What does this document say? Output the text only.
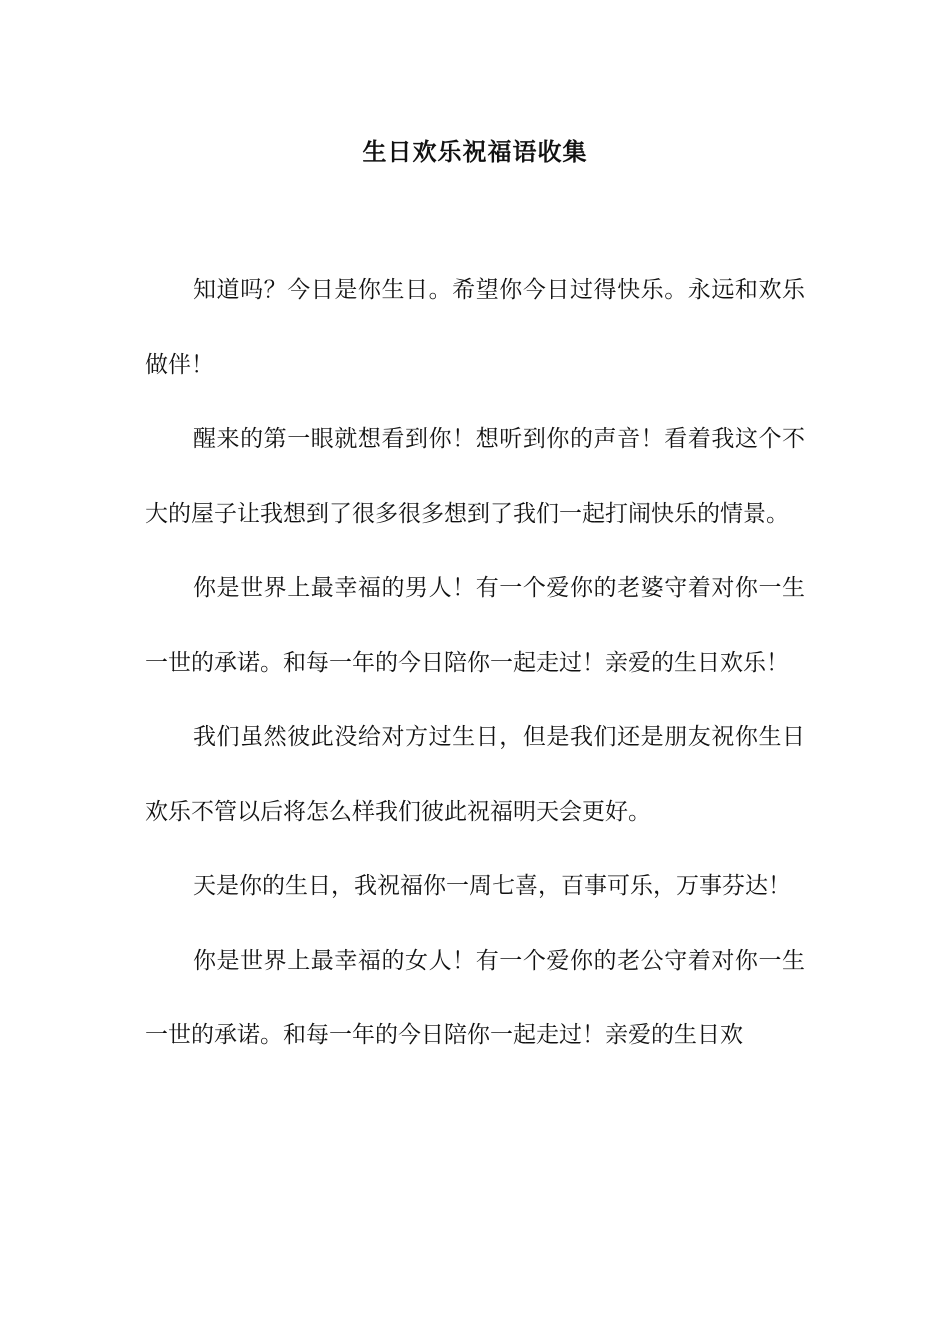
生日欢乐祝福语收集

知道吗？今日是你生日。希望你今日过得快乐。永远和欢乐做伴！

醒来的第一眼就想看到你！想听到你的声音！看着我这个不大的屋子让我想到了很多很多想到了我们一起打闹快乐的情景。

你是世界上最幸福的男人！有一个爱你的老婆守着对你一生一世的承诺。和每一年的今日陪你一起走过！亲爱的生日欢乐！

我们虽然彼此没给对方过生日，但是我们还是朋友祝你生日欢乐不管以后将怎么样我们彼此祝福明天会更好。

天是你的生日，我祝福你一周七喜，百事可乐，万事芬达！

你是世界上最幸福的女人！有一个爱你的老公守着对你一生一世的承诺。和每一年的今日陪你一起走过！亲爱的生日欢
